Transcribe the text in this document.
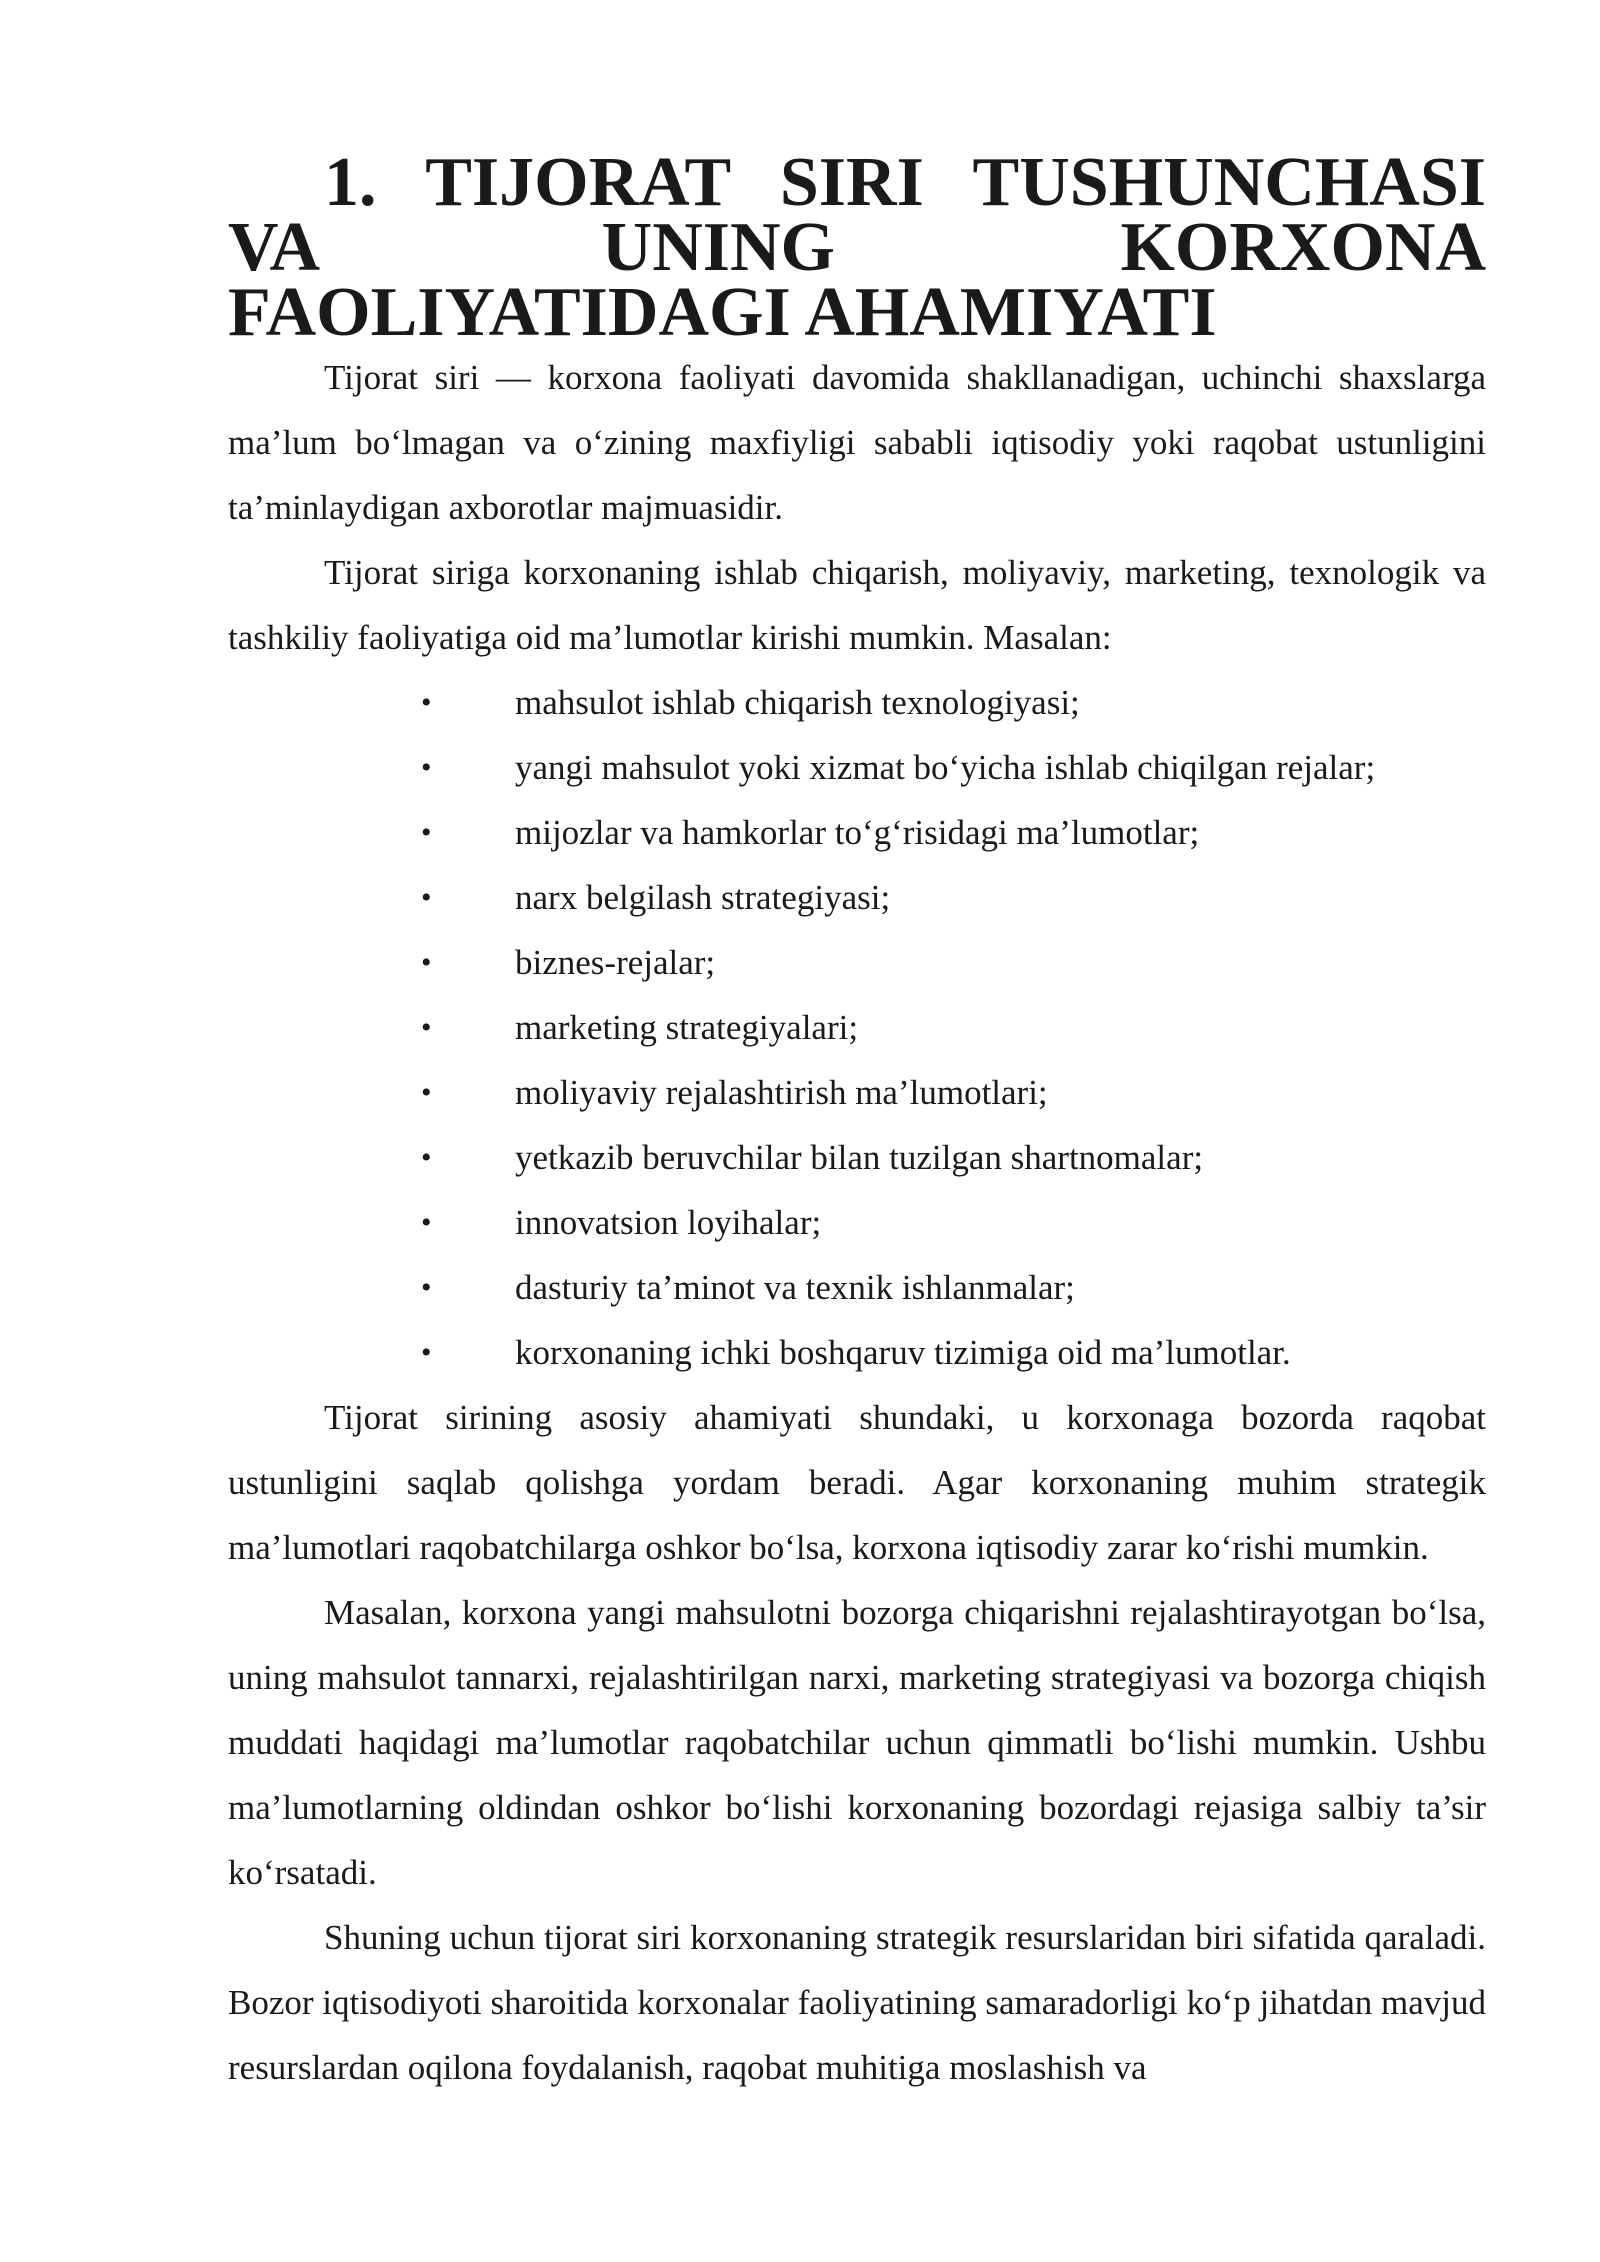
1. TIJORAT SIRI TUSHUNCHASI VA UNING KORXONA
FAOLIYATIDAGI AHAMIYATI

Tijorat siri — korxona faoliyati davomida shakllanadigan, uchinchi shaxslarga ma’lum bo‘lmagan va o‘zining maxfiyligi sababli iqtisodiy yoki raqobat ustunligini ta’minlaydigan axborotlar majmuasidir.

Tijorat siriga korxonaning ishlab chiqarish, moliyaviy, marketing, texnologik va tashkiliy faoliyatiga oid ma’lumotlar kirishi mumkin. Masalan:

• mahsulot ishlab chiqarish texnologiyasi;
• yangi mahsulot yoki xizmat bo‘yicha ishlab chiqilgan rejalar;
• mijozlar va hamkorlar to‘g‘risidagi ma’lumotlar;
• narx belgilash strategiyasi;
• biznes-rejalar;
• marketing strategiyalari;
• moliyaviy rejalashtirish ma’lumotlari;
• yetkazib beruvchilar bilan tuzilgan shartnomalar;
• innovatsion loyihalar;
• dasturiy ta’minot va texnik ishlanmalar;
• korxonaning ichki boshqaruv tizimiga oid ma’lumotlar.

Tijorat sirining asosiy ahamiyati shundaki, u korxonaga bozorda raqobat ustunligini saqlab qolishga yordam beradi. Agar korxonaning muhim strategik ma’lumotlari raqobatchilarga oshkor bo‘lsa, korxona iqtisodiy zarar ko‘rishi mumkin.

Masalan, korxona yangi mahsulotni bozorga chiqarishni rejalashtirayotgan bo‘lsa, uning mahsulot tannarxi, rejalashtirilgan narxi, marketing strategiyasi va bozorga chiqish muddati haqidagi ma’lumotlar raqobatchilar uchun qimmatli bo‘lishi mumkin. Ushbu ma’lumotlarning oldindan oshkor bo‘lishi korxonaning bozordagi rejasiga salbiy ta’sir ko‘rsatadi.

Shuning uchun tijorat siri korxonaning strategik resurslaridan biri sifatida qaraladi. Bozor iqtisodiyoti sharoitida korxonalar faoliyatining samaradorligi ko‘p jihatdan mavjud resurslardan oqilona foydalanish, raqobat muhitiga moslashish va
